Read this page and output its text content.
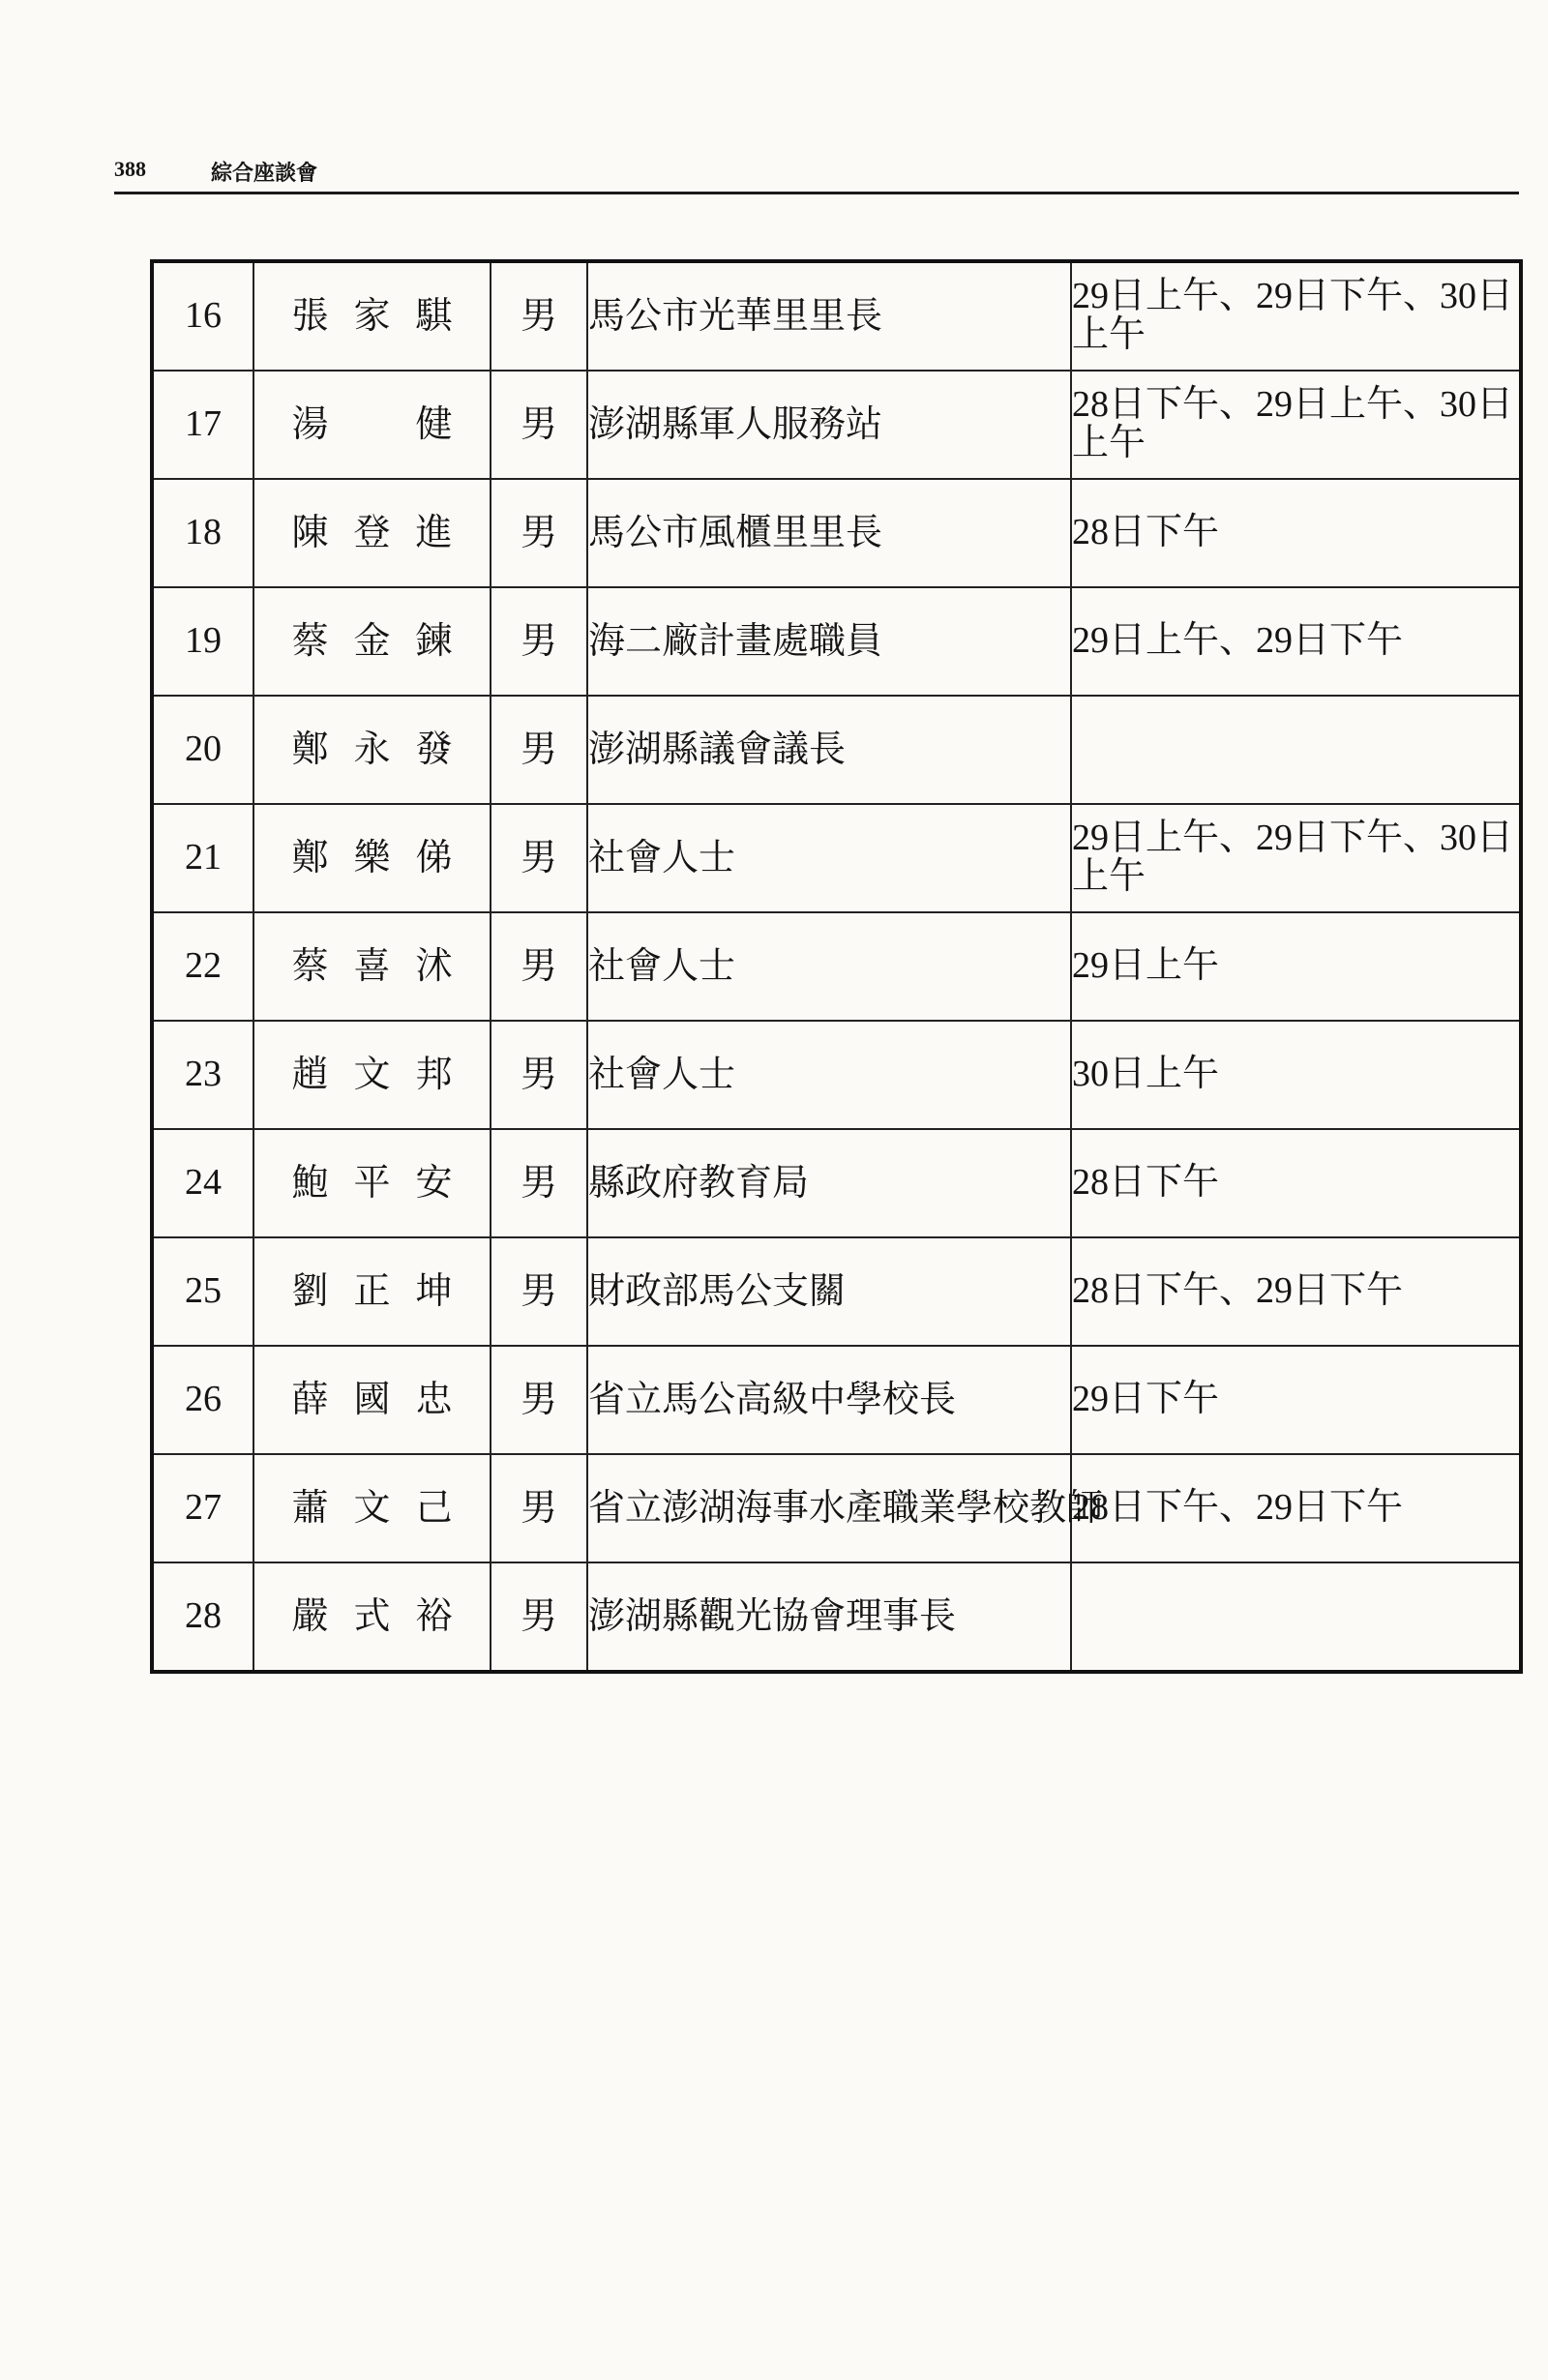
388	綜合座談會
16	張家騏	男	馬公市光華里里長	29日上午、29日下午、30日上午
17	湯　健	男	澎湖縣軍人服務站	28日下午、29日上午、30日上午
18	陳登進	男	馬公市風櫃里里長	28日下午
19	蔡金鍊	男	海二廠計畫處職員	29日上午、29日下午
20	鄭永發	男	澎湖縣議會議長	
21	鄭樂俤	男	社會人士	29日上午、29日下午、30日上午
22	蔡喜沭	男	社會人士	29日上午
23	趙文邦	男	社會人士	30日上午
24	鮑平安	男	縣政府教育局	28日下午
25	劉正坤	男	財政部馬公支關	28日下午、29日下午
26	薛國忠	男	省立馬公高級中學校長	29日下午
27	蕭文己	男	省立澎湖海事水產職業學校教師	28日下午、29日下午
28	嚴式裕	男	澎湖縣觀光協會理事長	
